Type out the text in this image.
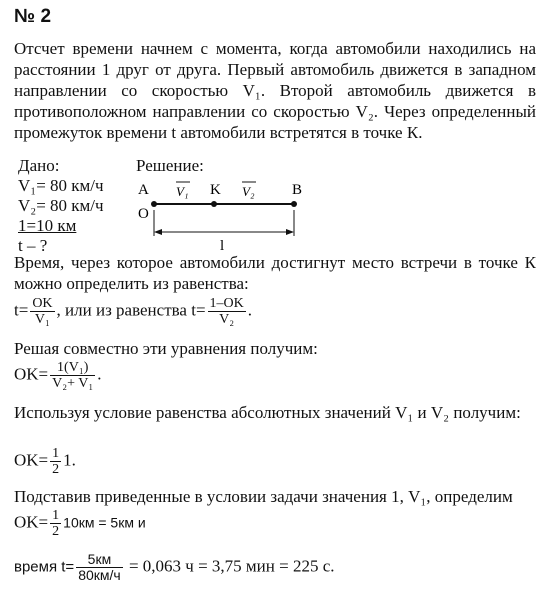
№ 2
Отсчет времени начнем с момента, когда автомобили находились на расстоянии 1 друг от друга. Первый автомобиль движется в западном направлении со скоростью V₁. Второй автомобиль движется в противоположном направлении со скоростью V₂. Через определенный промежуток времени t автомобили встретятся в точке К.
Дано:
V₁= 80 км/ч
V₂= 80 км/ч
1=10 км
t – ?
Решение:
A
O
K	B
V₁	V₂
l
Время, через которое автомобили достигнут место встречи в точке К можно определить из равенства:
$t= \frac{OK}{\text{V₁}}$ , или из равенства $t= \frac{1-OK}{\text{V₂}}$ .
Решая совместно эти уравнения получим:
$OK= \frac{\text{1(V₁)}}{\text{V₂+ V₁}}$ .
Используя условие равенства абсолютных значений V₁ и V₂ получим:
$OK= \frac{1}{2} 1$.
Подставив приведенные в условии задачи значения 1, V₁, определим
$OK= \frac{1}{2} 10км = 5км$ и
время $t= \frac{5км}{80км/ч} = 0,063$ ч = 3,75 мин = 225 с.
